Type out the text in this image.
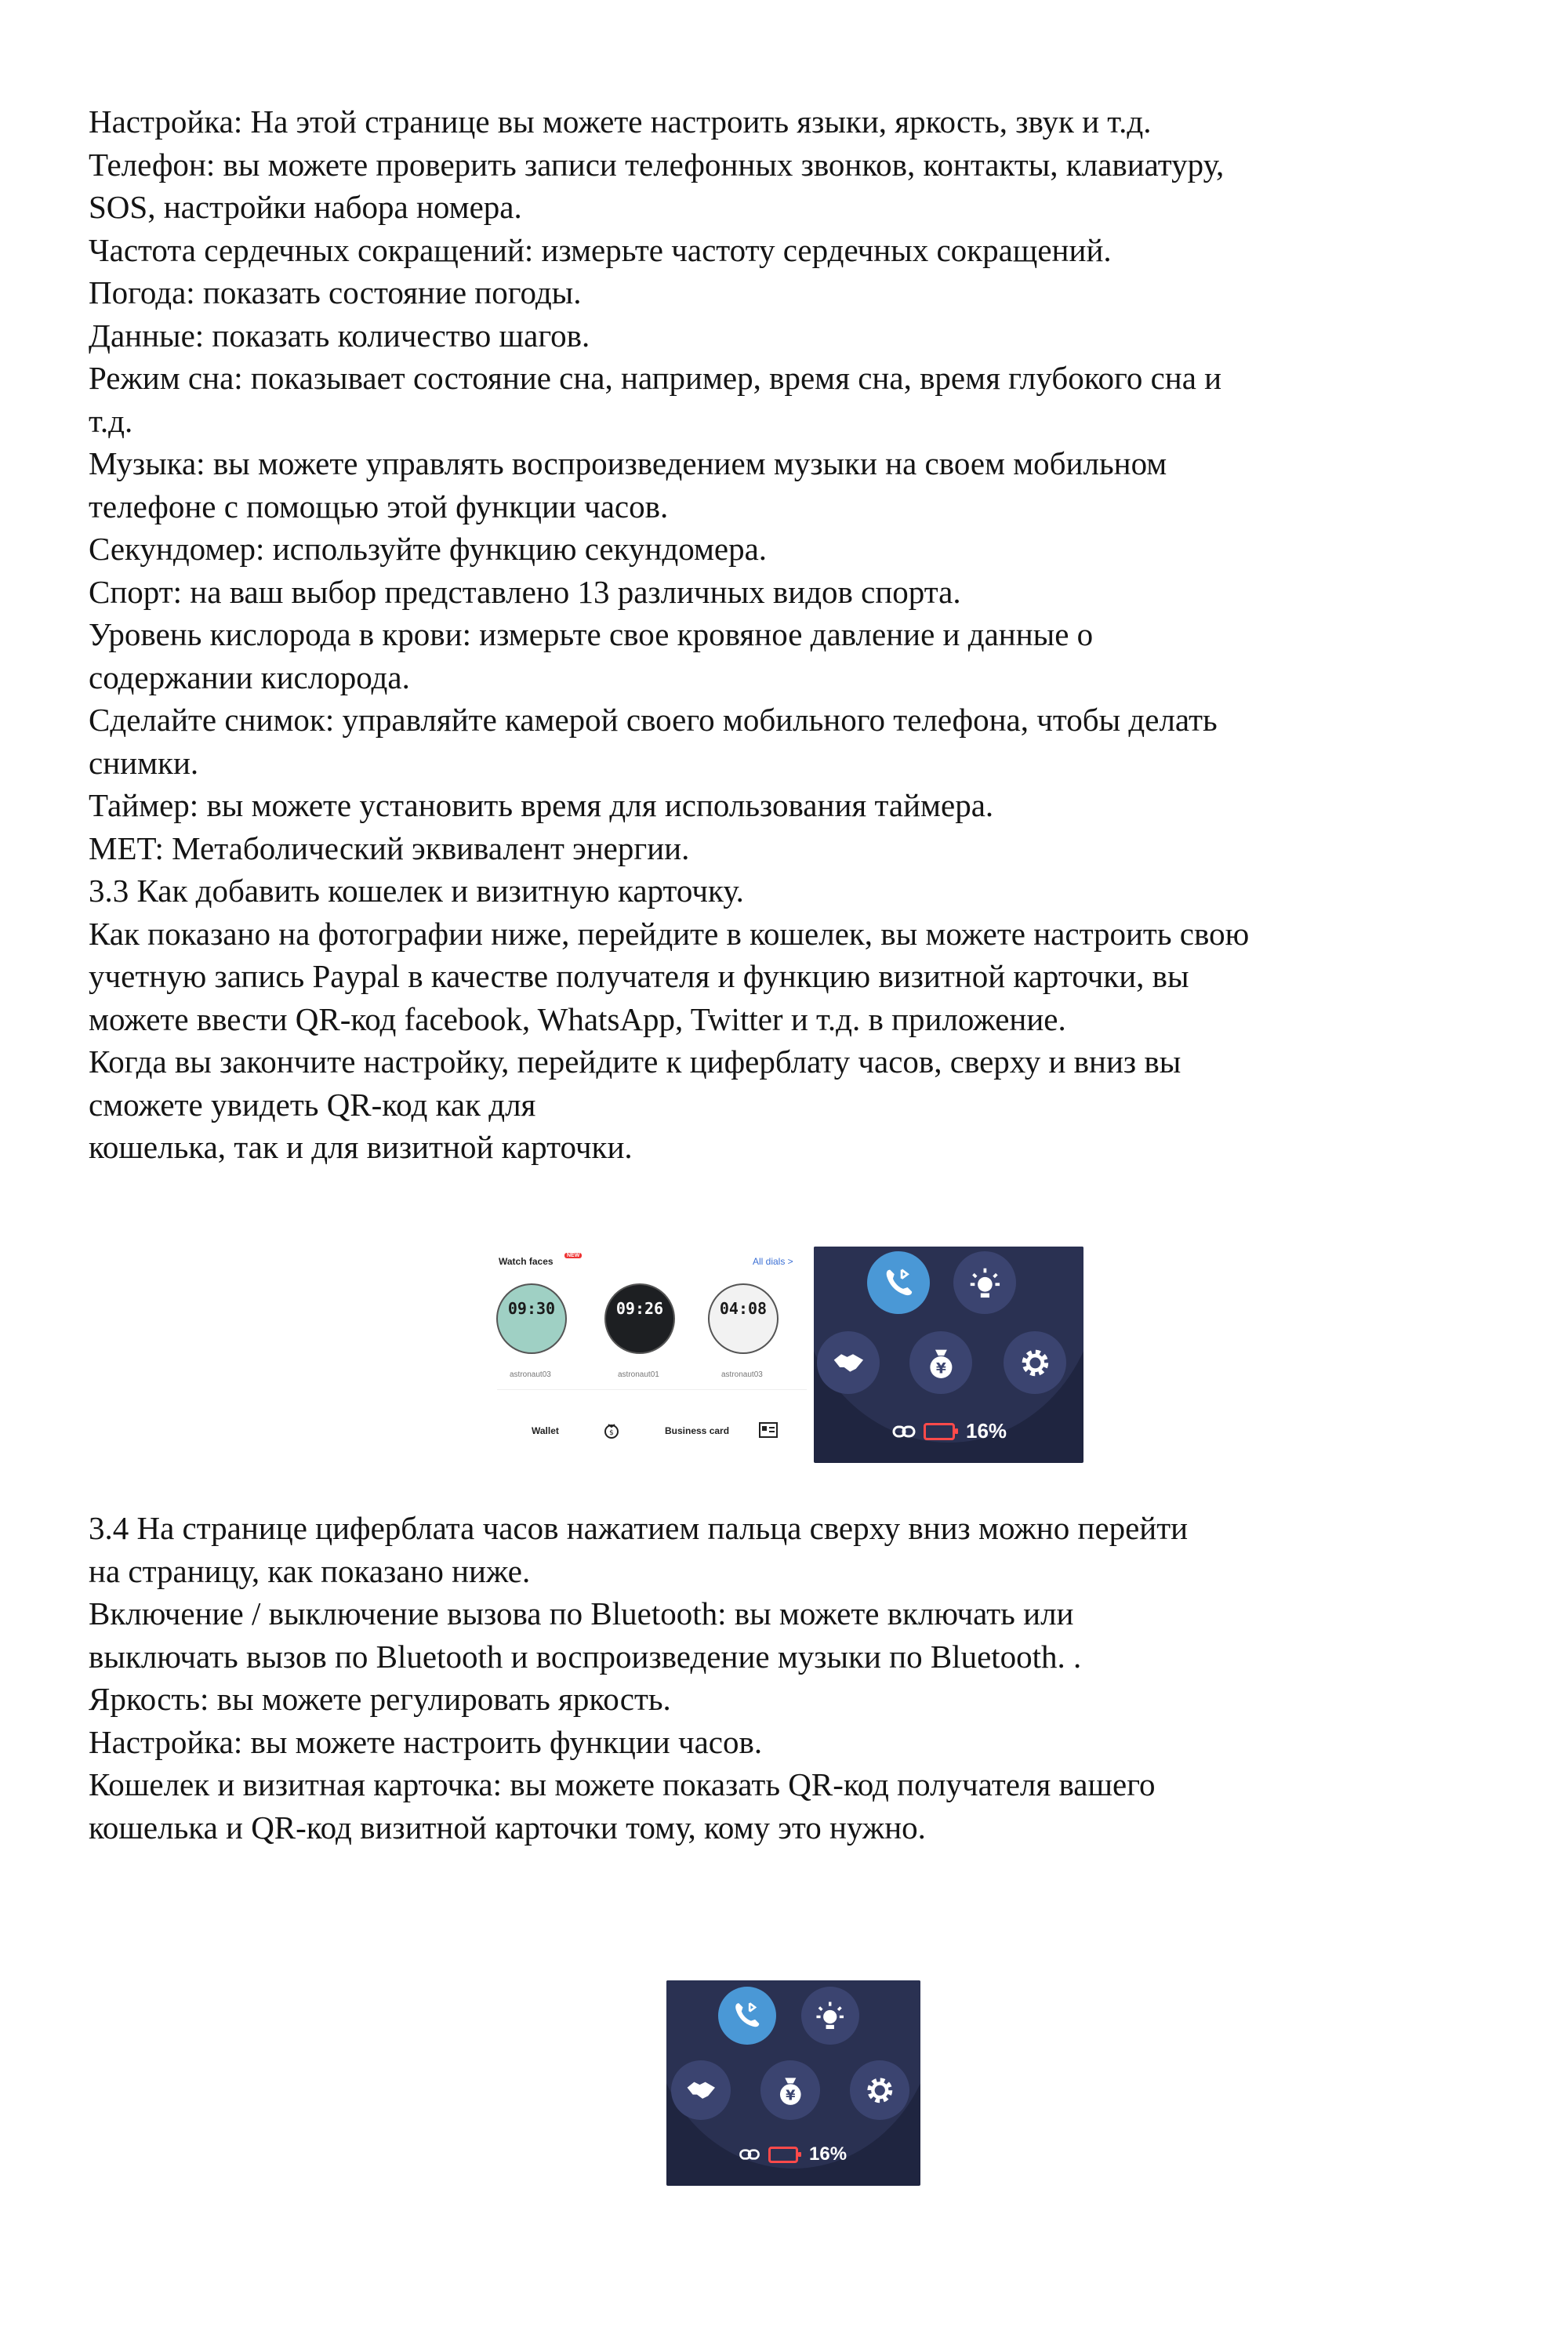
Настройка: На этой странице вы можете настроить языки, яркость, звук и т.д.

Телефон: вы можете проверить записи телефонных звонков, контакты, клавиатуру,

SOS, настройки набора номера.

Частота сердечных сокращений: измерьте частоту сердечных сокращений.

Погода: показать состояние погоды.

Данные: показать количество шагов.

Режим сна: показывает состояние сна, например, время сна, время глубокого сна и

т.д.

Музыка: вы можете управлять воспроизведением музыки на своем мобильном

телефоне с помощью этой функции часов.

Секундомер: используйте функцию секундомера.

Спорт: на ваш выбор представлено 13 различных видов спорта.

Уровень кислорода в крови: измерьте свое кровяное давление и данные о

содержании кислорода.

Сделайте снимок: управляйте камерой своего мобильного телефона, чтобы делать

снимки.

Таймер: вы можете установить время для использования таймера.

MET: Метаболический эквивалент энергии.

3.3 Как добавить кошелек и визитную карточку.

Как показано на фотографии ниже, перейдите в кошелек, вы можете настроить свою

учетную запись Paypal в качестве получателя и функцию визитной карточки, вы

можете ввести QR-код facebook, WhatsApp, Twitter и т.д. в приложение.

Когда вы закончите настройку, перейдите к циферблату часов, сверху и вниз вы

сможете увидеть QR-код как для

кошелька, так и для визитной карточки.

Watch faces
NEW
All dials >
09:30	09:26	04:08
astronaut03	astronaut01	astronaut03
Wallet	$	Business card
¥
16%

3.4 На странице циферблата часов нажатием пальца сверху вниз можно перейти

на страницу, как показано ниже.

Включение / выключение вызова по Bluetooth: вы можете включать или

выключать вызов по Bluetooth и воспроизведение музыки по Bluetooth. .

Яркость: вы можете регулировать яркость.

Настройка: вы можете настроить функции часов.

Кошелек и визитная карточка: вы можете показать QR-код получателя вашего

кошелька и QR-код визитной карточки тому, кому это нужно.

¥
16%
